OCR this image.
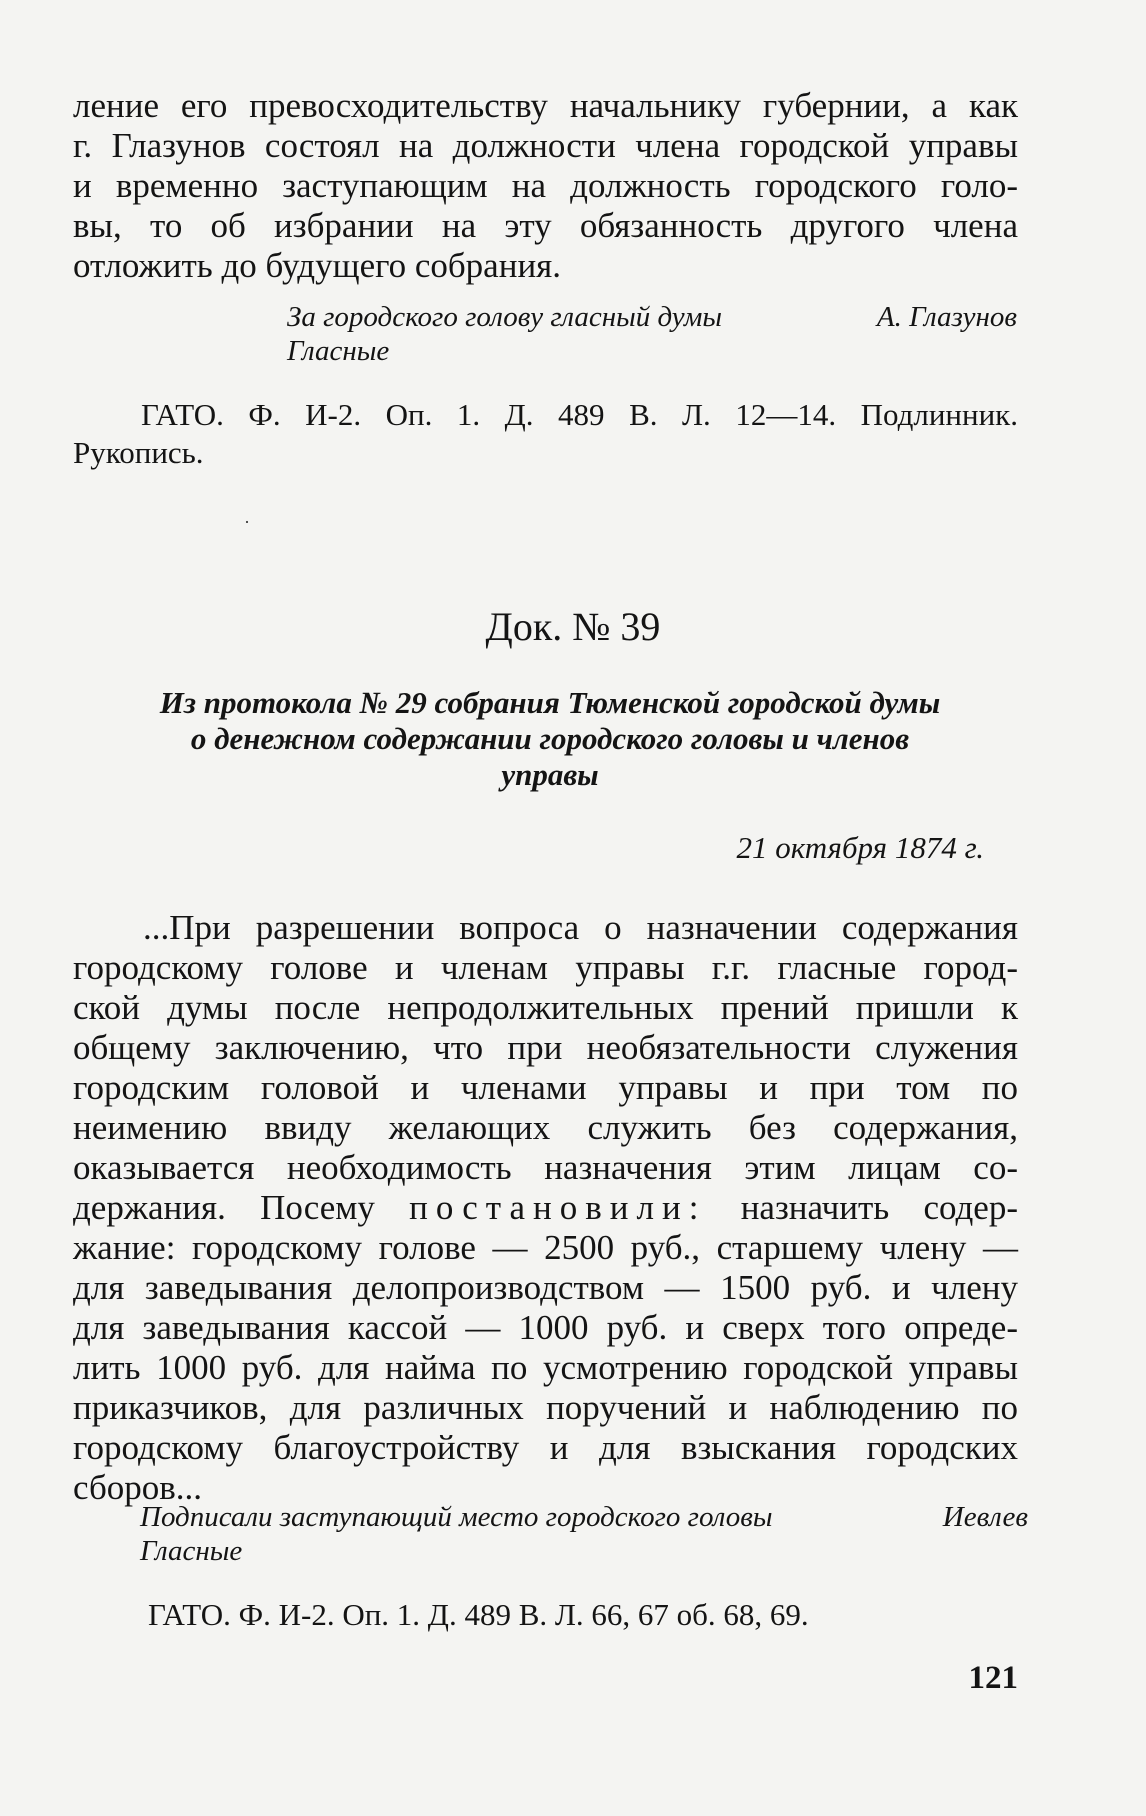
ление его превосходительству начальнику губернии, а как
г. Глазунов состоял на должности члена городской управы
и временно заступающим на должность городского голо-
вы, то об избрании на эту обязанность другого члена
отложить до будущего собрания.
За городского голову гласный думы	А. Глазунов
Гласные
ГАТО. Ф. И-2. Оп. 1. Д. 489 В. Л. 12—14. Подлинник.
Рукопись.
·
Док. № 39
Из протокола № 29 собрания Тюменской городской думы
о денежном содержании городского головы и членов
управы
21 октября 1874 г.
...При разрешении вопроса о назначении содержания
городскому голове и членам управы г.г. гласные город-
ской думы после непродолжительных прений пришли к
общему заключению, что при необязательности служения
городским головой и членами управы и при том по
неимению ввиду желающих служить без содержания,
оказывается необходимость назначения этим лицам со-
держания. Посему постановили: назначить содер-
жание: городскому голове — 2500 руб., старшему члену —
для заведывания делопроизводством — 1500 руб. и члену
для заведывания кассой — 1000 руб. и сверх того опреде-
лить 1000 руб. для найма по усмотрению городской управы
приказчиков, для различных поручений и наблюдению по
городскому благоустройству и для взыскания городских
сборов...
Подписали заступающий место городского головы	Иевлев
Гласные
ГАТО. Ф. И-2. Оп. 1. Д. 489 В. Л. 66, 67 об. 68, 69.
121
